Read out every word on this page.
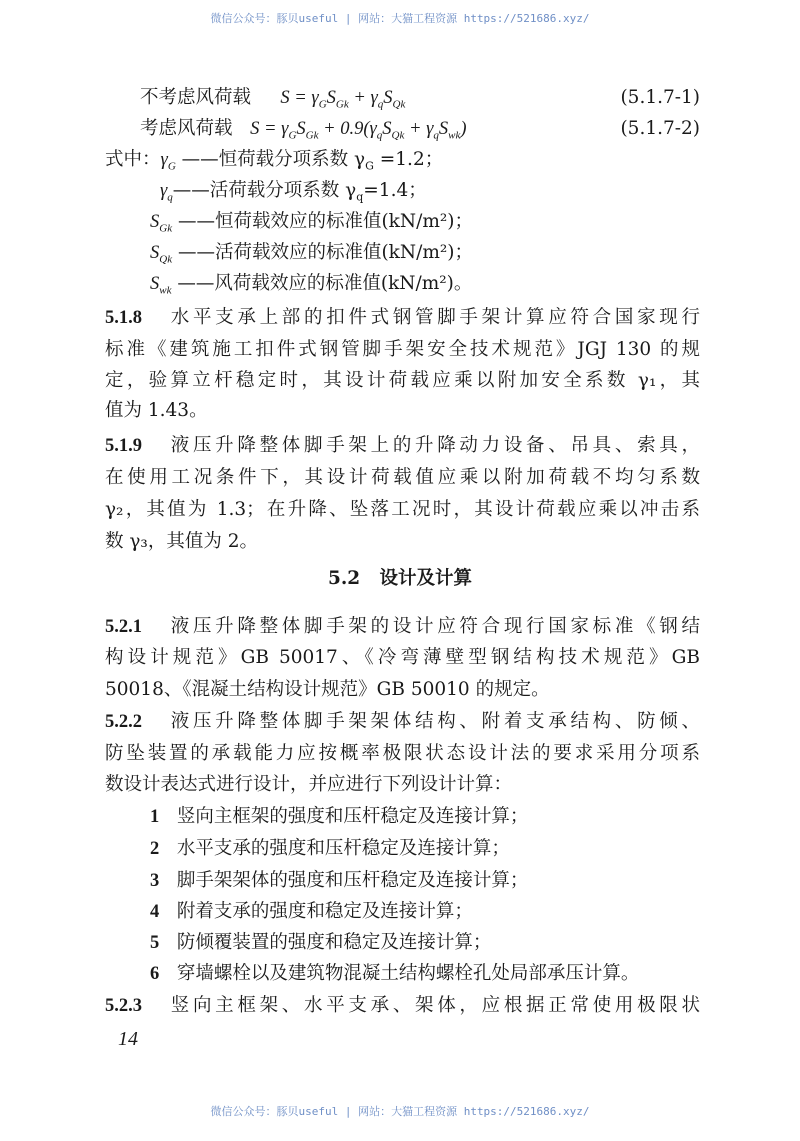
微信公众号：豚贝useful | 网站：大猫工程资源 https://521686.xyz/
不考虑风荷载 $S = \gamma_GS_{Gk} + \gamma_qS_{Qk}$	(5.1.7-1)
考虑风荷载 $S = \gamma_GS_{Gk} + 0.9(\gamma_qS_{Qk} + \gamma_qS_{wk})$	(5.1.7-2)
式中：$\gamma_G$ ——恒荷载分项系数 $\gamma_G =1.2$；
$\gamma_q——$活荷载分项系数 $\gamma_q=1.4$；
$S_{Gk}$ ——恒荷载效应的标准值(kN/m²)；
$S_{Qk}$ ——活荷载效应的标准值(kN/m²)；
$S_{wk}$ ——风荷载效应的标准值(kN/m²)。
5.1.8 水平支承上部的扣件式钢管脚手架计算应符合国家现行
标准《建筑施工扣件式钢管脚手架安全技术规范》JGJ 130 的规
定，验算立杆稳定时，其设计荷载应乘以附加安全系数 γ₁，其
值为 1.43。
5.1.9 液压升降整体脚手架上的升降动力设备、吊具、索具，
在使用工况条件下，其设计荷载值应乘以附加荷载不均匀系数
γ₂，其值为 1.3；在升降、坠落工况时，其设计荷载应乘以冲击系
数 γ₃，其值为 2。
5.2 设计及计算
5.2.1 液压升降整体脚手架的设计应符合现行国家标准《钢结
构设计规范》GB 50017、《冷弯薄壁型钢结构技术规范》GB
50018、《混凝土结构设计规范》GB 50010 的规定。
5.2.2 液压升降整体脚手架架体结构、附着支承结构、防倾、
防坠装置的承载能力应按概率极限状态设计法的要求采用分项系
数设计表达式进行设计，并应进行下列设计计算：
1 竖向主框架的强度和压杆稳定及连接计算；
2 水平支承的强度和压杆稳定及连接计算；
3 脚手架架体的强度和压杆稳定及连接计算；
4 附着支承的强度和稳定及连接计算；
5 防倾覆装置的强度和稳定及连接计算；
6 穿墙螺栓以及建筑物混凝土结构螺栓孔处局部承压计算。
5.2.3 竖向主框架、水平支承、架体，应根据正常使用极限状
14
微信公众号：豚贝useful | 网站：大猫工程资源 https://521686.xyz/
